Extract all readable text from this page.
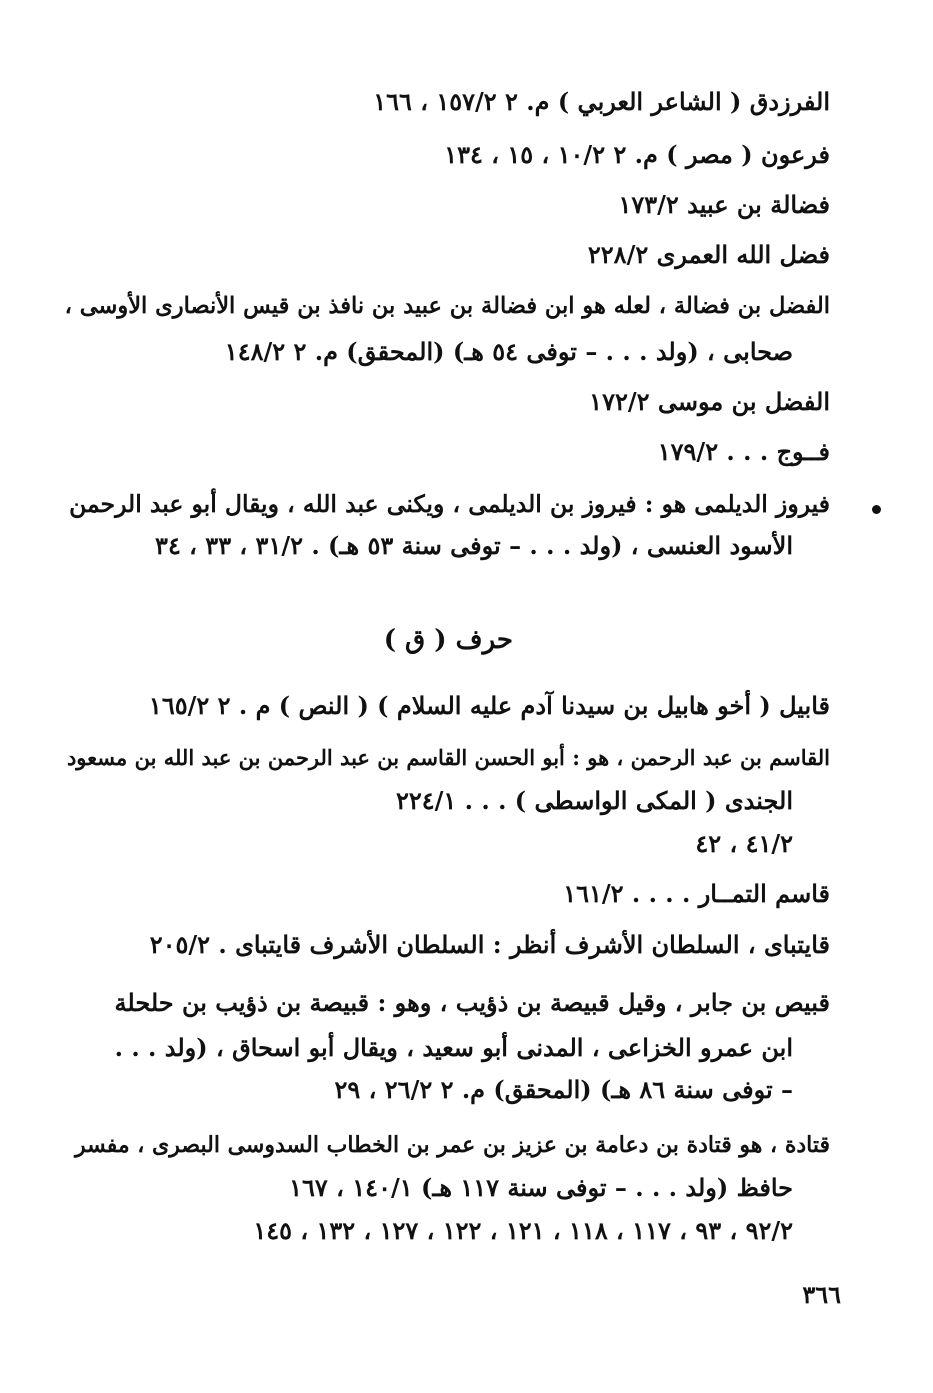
الفرزدق ( الشاعر العربي ) م. ٢ ١٥٧/٢ ، ١٦٦
فرعون ( مصر ) م. ٢ ١٠/٢ ، ١٥ ، ١٣٤
فضالة بن عبيد ١٧٣/٢
فضل الله العمرى ٢٢٨/٢
الفضل بن فضالة ، لعله هو ابن فضالة بن عبيد بن نافذ بن قيس الأنصارى الأوسى ،
صحابى ، (ولد . . . – توفى ٥٤ هـ) (المحقق) م. ٢ ١٤٨/٢
الفضل بن موسى ١٧٢/٢
فــوج . . . ١٧٩/٢
فيروز الديلمى هو : فيروز بن الديلمى ، ويكنى عبد الله ، ويقال أبو عبد الرحمن
الأسود العنسى ، (ولد . . . – توفى سنة ٥٣ هـ) . ٣١/٢ ، ٣٣ ، ٣٤
حرف ( ق )
قابيل ( أخو هابيل بن سيدنا آدم عليه السلام ) ( النص ) م . ٢ ١٦٥/٢
القاسم بن عبد الرحمن ، هو : أبو الحسن القاسم بن عبد الرحمن بن عبد الله بن مسعود
الجندى ( المكى الواسطى ) . . . ٢٢٤/١
٤١/٢ ، ٤٢
قاسم التمــار . . . . ١٦١/٢
قايتباى ، السلطان الأشرف أنظر : السلطان الأشرف قايتباى . ٢٠٥/٢
قبيص بن جابر ، وقيل قبيصة بن ذؤيب ، وهو : قبيصة بن ذؤيب بن حلحلة
ابن عمرو الخزاعى ، المدنى أبو سعيد ، ويقال أبو اسحاق ، (ولد . . .
– توفى سنة ٨٦ هـ) (المحقق) م. ٢ ٢٦/٢ ، ٢٩
قتادة ، هو قتادة بن دعامة بن عزيز بن عمر بن الخطاب السدوسى البصرى ، مفسر
حافظ (ولد . . . – توفى سنة ١١٧ هـ) ١٤٠/١ ، ١٦٧
٩٢/٢ ، ٩٣ ، ١١٧ ، ١١٨ ، ١٢١ ، ١٢٢ ، ١٢٧ ، ١٣٢ ، ١٤٥
٣٦٦
